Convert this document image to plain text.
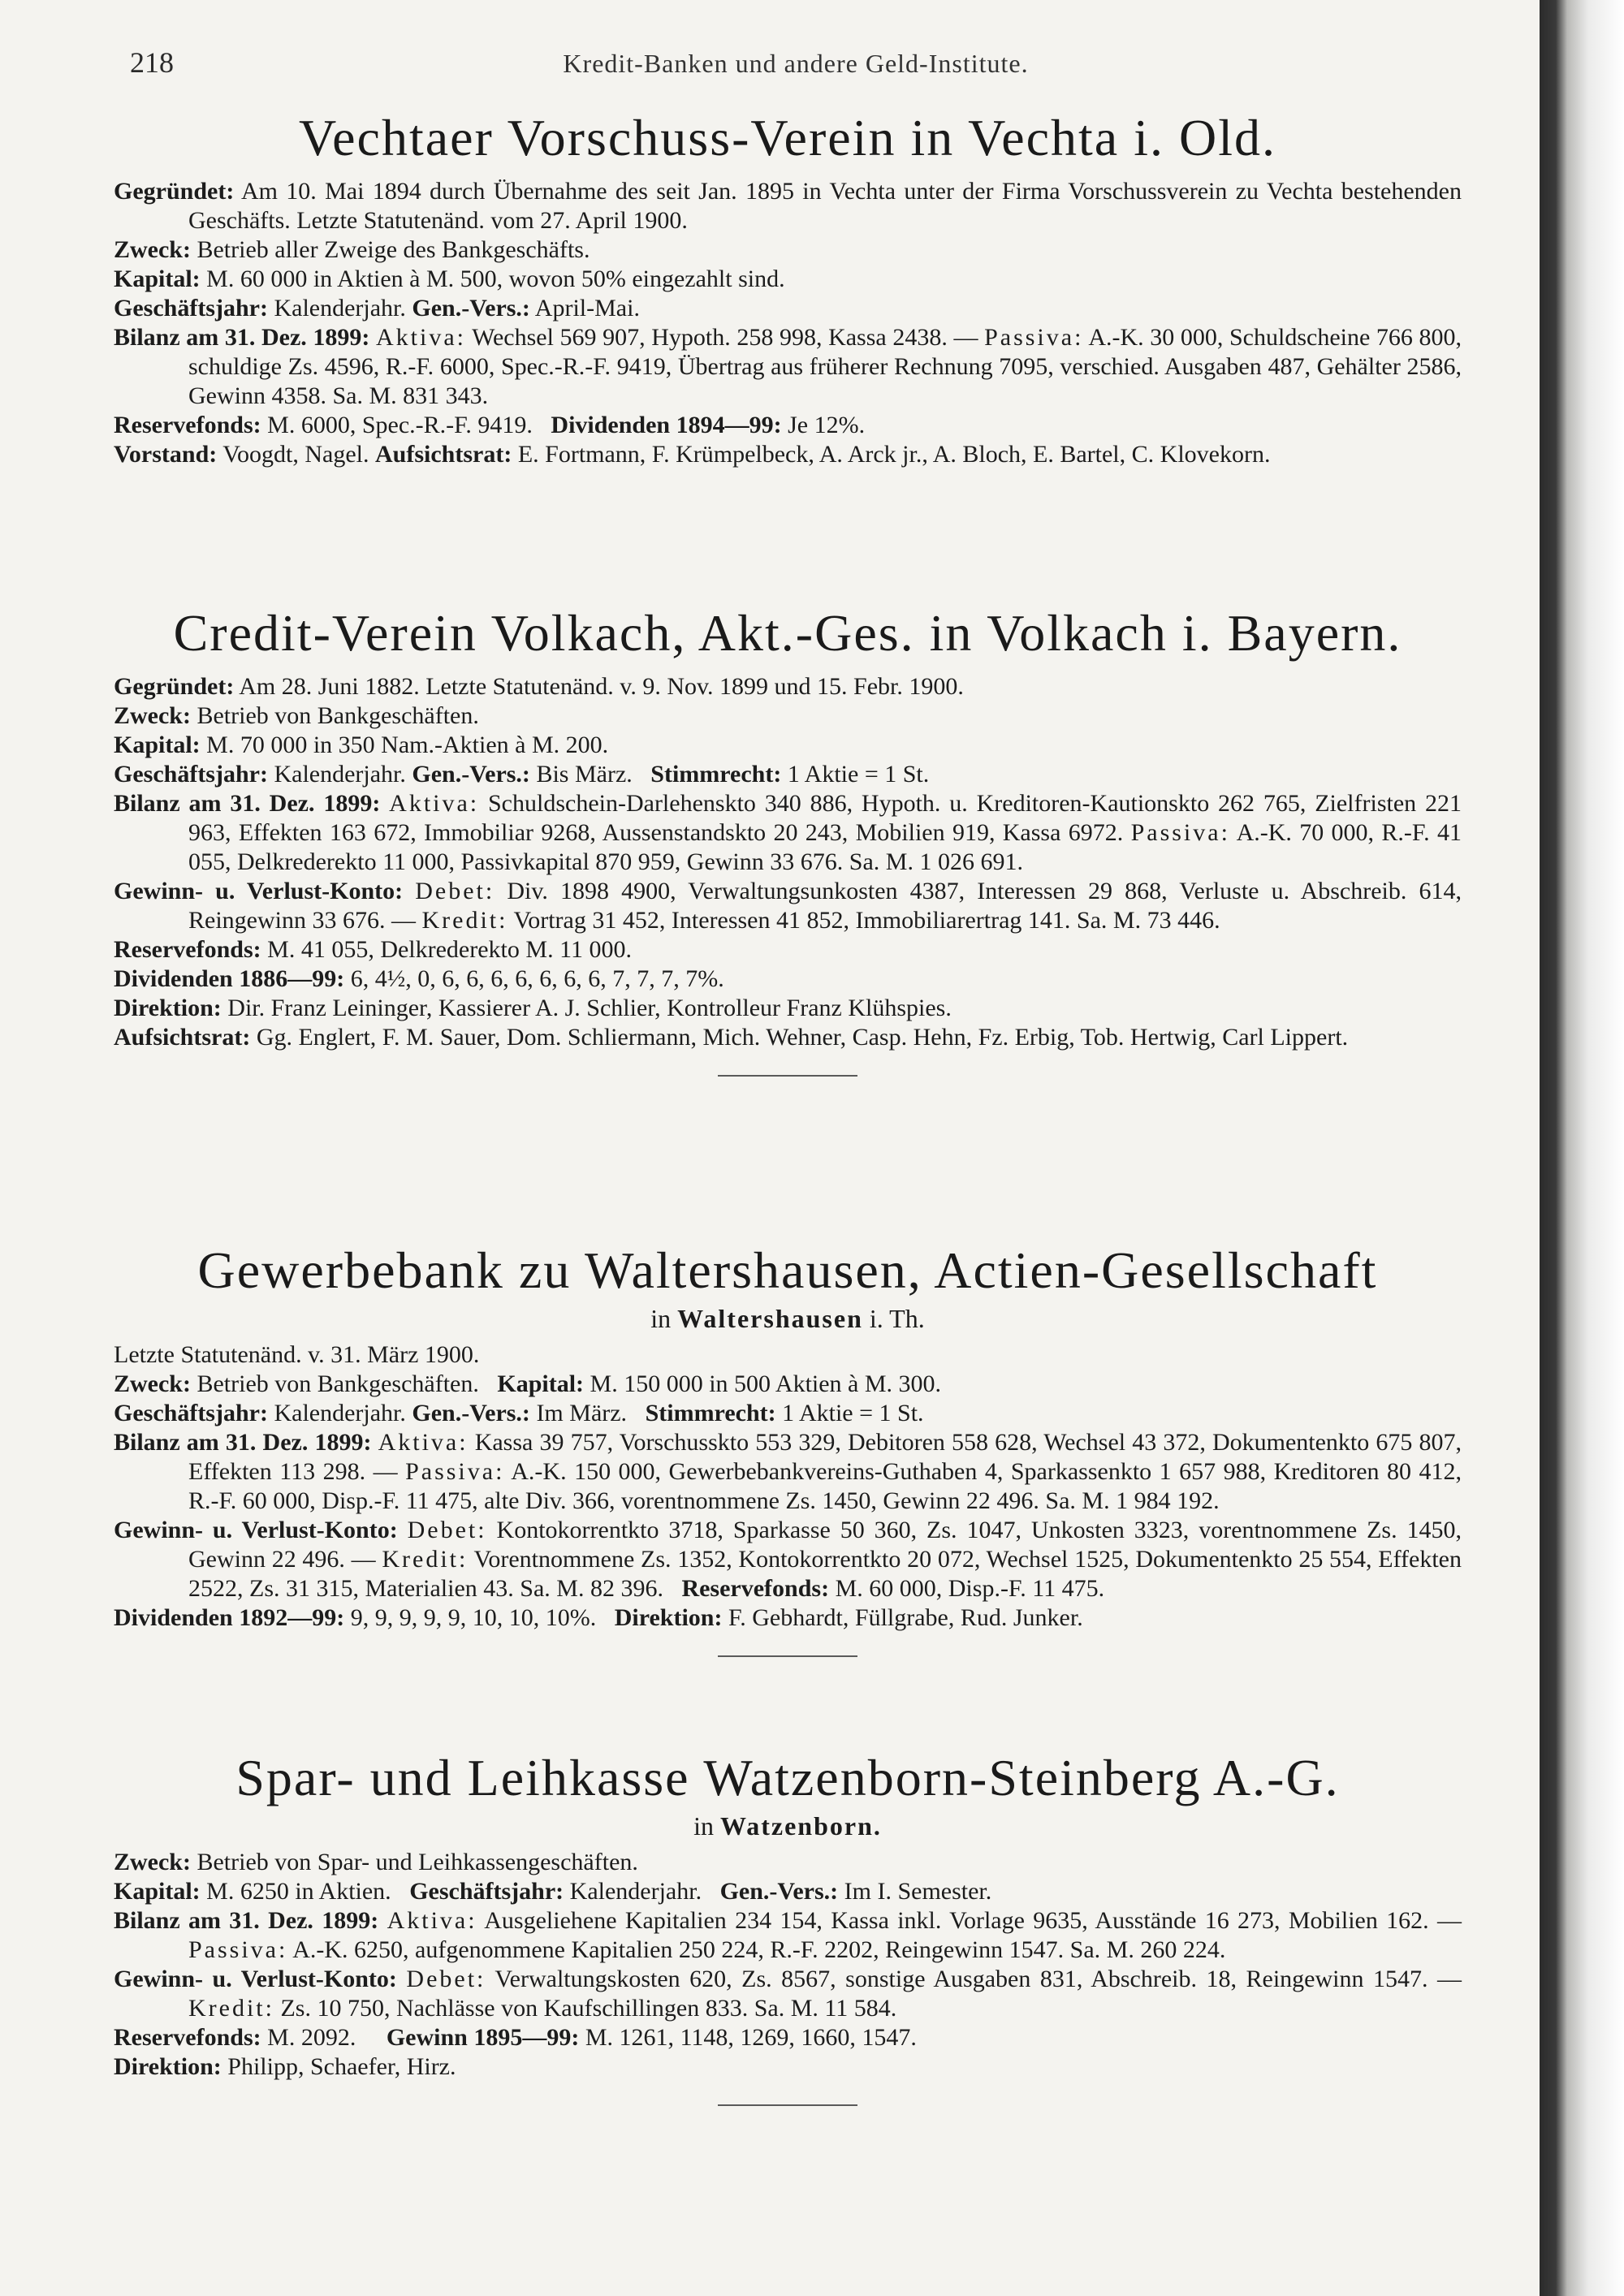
218	Kredit-Banken und andere Geld-Institute.
Vechtaer Vorschuss-Verein in Vechta i. Old.
Gegründet: Am 10. Mai 1894 durch Übernahme des seit Jan. 1895 in Vechta unter der Firma Vorschussverein zu Vechta bestehenden Geschäfts. Letzte Statutenänd. vom 27. April 1900.
Zweck: Betrieb aller Zweige des Bankgeschäfts.
Kapital: M. 60 000 in Aktien à M. 500, wovon 50% eingezahlt sind.
Geschäftsjahr: Kalenderjahr. Gen.-Vers.: April-Mai.
Bilanz am 31. Dez. 1899: Aktiva: Wechsel 569 907, Hypoth. 258 998, Kassa 2438. — Passiva: A.-K. 30 000, Schuldscheine 766 800, schuldige Zs. 4596, R.-F. 6000, Spec.-R.-F. 9419, Übertrag aus früherer Rechnung 7095, verschied. Ausgaben 487, Gehälter 2586, Gewinn 4358. Sa. M. 831 343.
Reservefonds: M. 6000, Spec.-R.-F. 9419. Dividenden 1894—99: Je 12%.
Vorstand: Voogdt, Nagel. Aufsichtsrat: E. Fortmann, F. Krümpelbeck, A. Arck jr., A. Bloch, E. Bartel, C. Klovekorn.
Credit-Verein Volkach, Akt.-Ges. in Volkach i. Bayern.
Gegründet: Am 28. Juni 1882. Letzte Statutenänd. v. 9. Nov. 1899 und 15. Febr. 1900.
Zweck: Betrieb von Bankgeschäften.
Kapital: M. 70 000 in 350 Nam.-Aktien à M. 200.
Geschäftsjahr: Kalenderjahr. Gen.-Vers.: Bis März. Stimmrecht: 1 Aktie = 1 St.
Bilanz am 31. Dez. 1899: Aktiva: Schuldschein-Darlehenskto 340 886, Hypoth. u. Kreditoren-Kautionskto 262 765, Zielfristen 221 963, Effekten 163 672, Immobiliar 9268, Aussenstandskto 20 243, Mobilien 919, Kassa 6972. Passiva: A.-K. 70 000, R.-F. 41 055, Delkrederekto 11 000, Passivkapital 870 959, Gewinn 33 676. Sa. M. 1 026 691.
Gewinn- u. Verlust-Konto: Debet: Div. 1898 4900, Verwaltungsunkosten 4387, Interessen 29 868, Verluste u. Abschreib. 614, Reingewinn 33 676. — Kredit: Vortrag 31 452, Interessen 41 852, Immobiliarertrag 141. Sa. M. 73 446.
Reservefonds: M. 41 055, Delkrederekto M. 11 000.
Dividenden 1886—99: 6, 4½, 0, 6, 6, 6, 6, 6, 6, 6, 7, 7, 7, 7%.
Direktion: Dir. Franz Leininger, Kassierer A. J. Schlier, Kontrolleur Franz Klühspies.
Aufsichtsrat: Gg. Englert, F. M. Sauer, Dom. Schliermann, Mich. Wehner, Casp. Hehn, Fz. Erbig, Tob. Hertwig, Carl Lippert.
Gewerbebank zu Waltershausen, Actien-Gesellschaft
in Waltershausen i. Th.
Letzte Statutenänd. v. 31. März 1900.
Zweck: Betrieb von Bankgeschäften. Kapital: M. 150 000 in 500 Aktien à M. 300.
Geschäftsjahr: Kalenderjahr. Gen.-Vers.: Im März. Stimmrecht: 1 Aktie = 1 St.
Bilanz am 31. Dez. 1899: Aktiva: Kassa 39 757, Vorschusskto 553 329, Debitoren 558 628, Wechsel 43 372, Dokumentenkto 675 807, Effekten 113 298. — Passiva: A.-K. 150 000, Gewerbebankvereins-Guthaben 4, Sparkassenkto 1 657 988, Kreditoren 80 412, R.-F. 60 000, Disp.-F. 11 475, alte Div. 366, vorentnommene Zs. 1450, Gewinn 22 496. Sa. M. 1 984 192.
Gewinn- u. Verlust-Konto: Debet: Kontokorrentkto 3718, Sparkasse 50 360, Zs. 1047, Unkosten 3323, vorentnommene Zs. 1450, Gewinn 22 496. — Kredit: Vorentnommene Zs. 1352, Kontokorrentkto 20 072, Wechsel 1525, Dokumentenkto 25 554, Effekten 2522, Zs. 31 315, Materialien 43. Sa. M. 82 396. Reservefonds: M. 60 000, Disp.-F. 11 475.
Dividenden 1892—99: 9, 9, 9, 9, 9, 10, 10, 10%. Direktion: F. Gebhardt, Füllgrabe, Rud. Junker.
Spar- und Leihkasse Watzenborn-Steinberg A.-G.
in Watzenborn.
Zweck: Betrieb von Spar- und Leihkassengeschäften.
Kapital: M. 6250 in Aktien. Geschäftsjahr: Kalenderjahr. Gen.-Vers.: Im I. Semester.
Bilanz am 31. Dez. 1899: Aktiva: Ausgeliehene Kapitalien 234 154, Kassa inkl. Vorlage 9635, Ausstände 16 273, Mobilien 162. — Passiva: A.-K. 6250, aufgenommene Kapitalien 250 224, R.-F. 2202, Reingewinn 1547. Sa. M. 260 224.
Gewinn- u. Verlust-Konto: Debet: Verwaltungskosten 620, Zs. 8567, sonstige Ausgaben 831, Abschreib. 18, Reingewinn 1547. — Kredit: Zs. 10 750, Nachlässe von Kaufschillingen 833. Sa. M. 11 584.
Reservefonds: M. 2092. Gewinn 1895—99: M. 1261, 1148, 1269, 1660, 1547.
Direktion: Philipp, Schaefer, Hirz.
